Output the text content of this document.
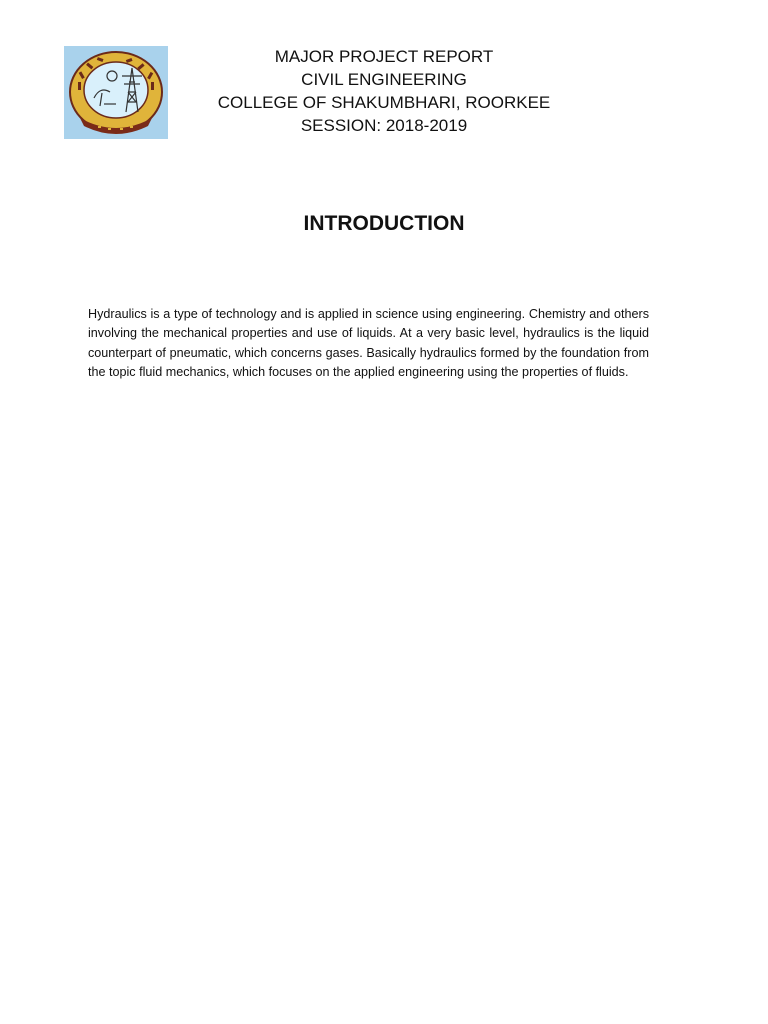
MAJOR PROJECT REPORT
CIVIL ENGINEERING
COLLEGE OF SHAKUMBHARI, ROORKEE
SESSION: 2018-2019
INTRODUCTION

Hydraulics is a type of technology and is applied in science using engineering. Chemistry and others involving the mechanical properties and use of liquids. At a very basic level, hydraulics is the liquid counterpart of pneumatic, which concerns gases. Basically hydraulics formed by the foundation from the topic fluid mechanics, which focuses on the applied engineering using the properties of fluids.
